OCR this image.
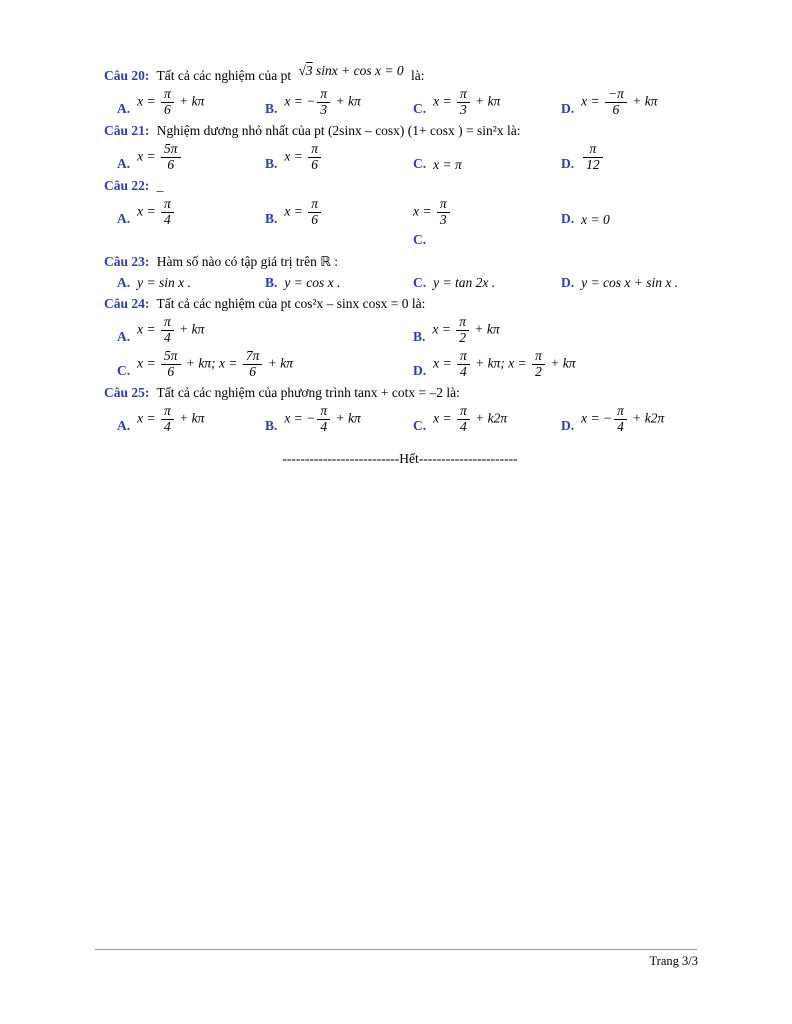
Câu 20: Tất cả các nghiệm của pt √3 sinx + cos x = 0 là:

A.
$x = \frac{\pi}{6} + k\pi$
B.
x = − $\frac{\pi}{3} + k\pi$
C.
$x = \frac{\pi}{3} + k\pi$
D.
$x = \frac{-\pi}{6} + k\pi$

Câu 21: Nghiệm dương nhỏ nhất của pt (2sinx – cosx) (1+ cosx ) = sin²x là:

A.
$x = \frac{5\pi}{6}$	B.
$x = \frac{\pi}{6}$	C. x = π	D. $\frac{\pi}{12}$

Câu 22: _

A.
$x = \frac{\pi}{4}$	B.
$x = \frac{\pi}{6}$	$x = \frac{\pi}{3}$	D. x = 0
C.

Câu 23: Hàm số nào có tập giá trị trên ℝ :

A. y = sin x .	B. y = cos x .	C. y = tan 2x .	D. y = cos x + sin x .

Câu 24: Tất cả các nghiệm của pt cos²x – sinx cosx = 0 là:

A.
$x = \frac{\pi}{4} + k\pi$
B.
$x = \frac{\pi}{2} + k\pi$
C.
$x = \frac{5\pi}{6} + k\pi$; $x = \frac{7\pi}{6} + k\pi$
D.
$x = \frac{\pi}{4} + k\pi$; $x = \frac{\pi}{2} + k\pi$

Câu 25: Tất cả các nghiệm của phương trình tanx + cotx = –2 là:

A.
$x = \frac{\pi}{4} + k\pi$
B.
x = − $\frac{\pi}{4} + k\pi$
C.
$x = \frac{\pi}{4} + k2\pi$
D.
x = − $\frac{\pi}{4} + k2\pi$

--------------------------Hết----------------------

Trang 3/3
